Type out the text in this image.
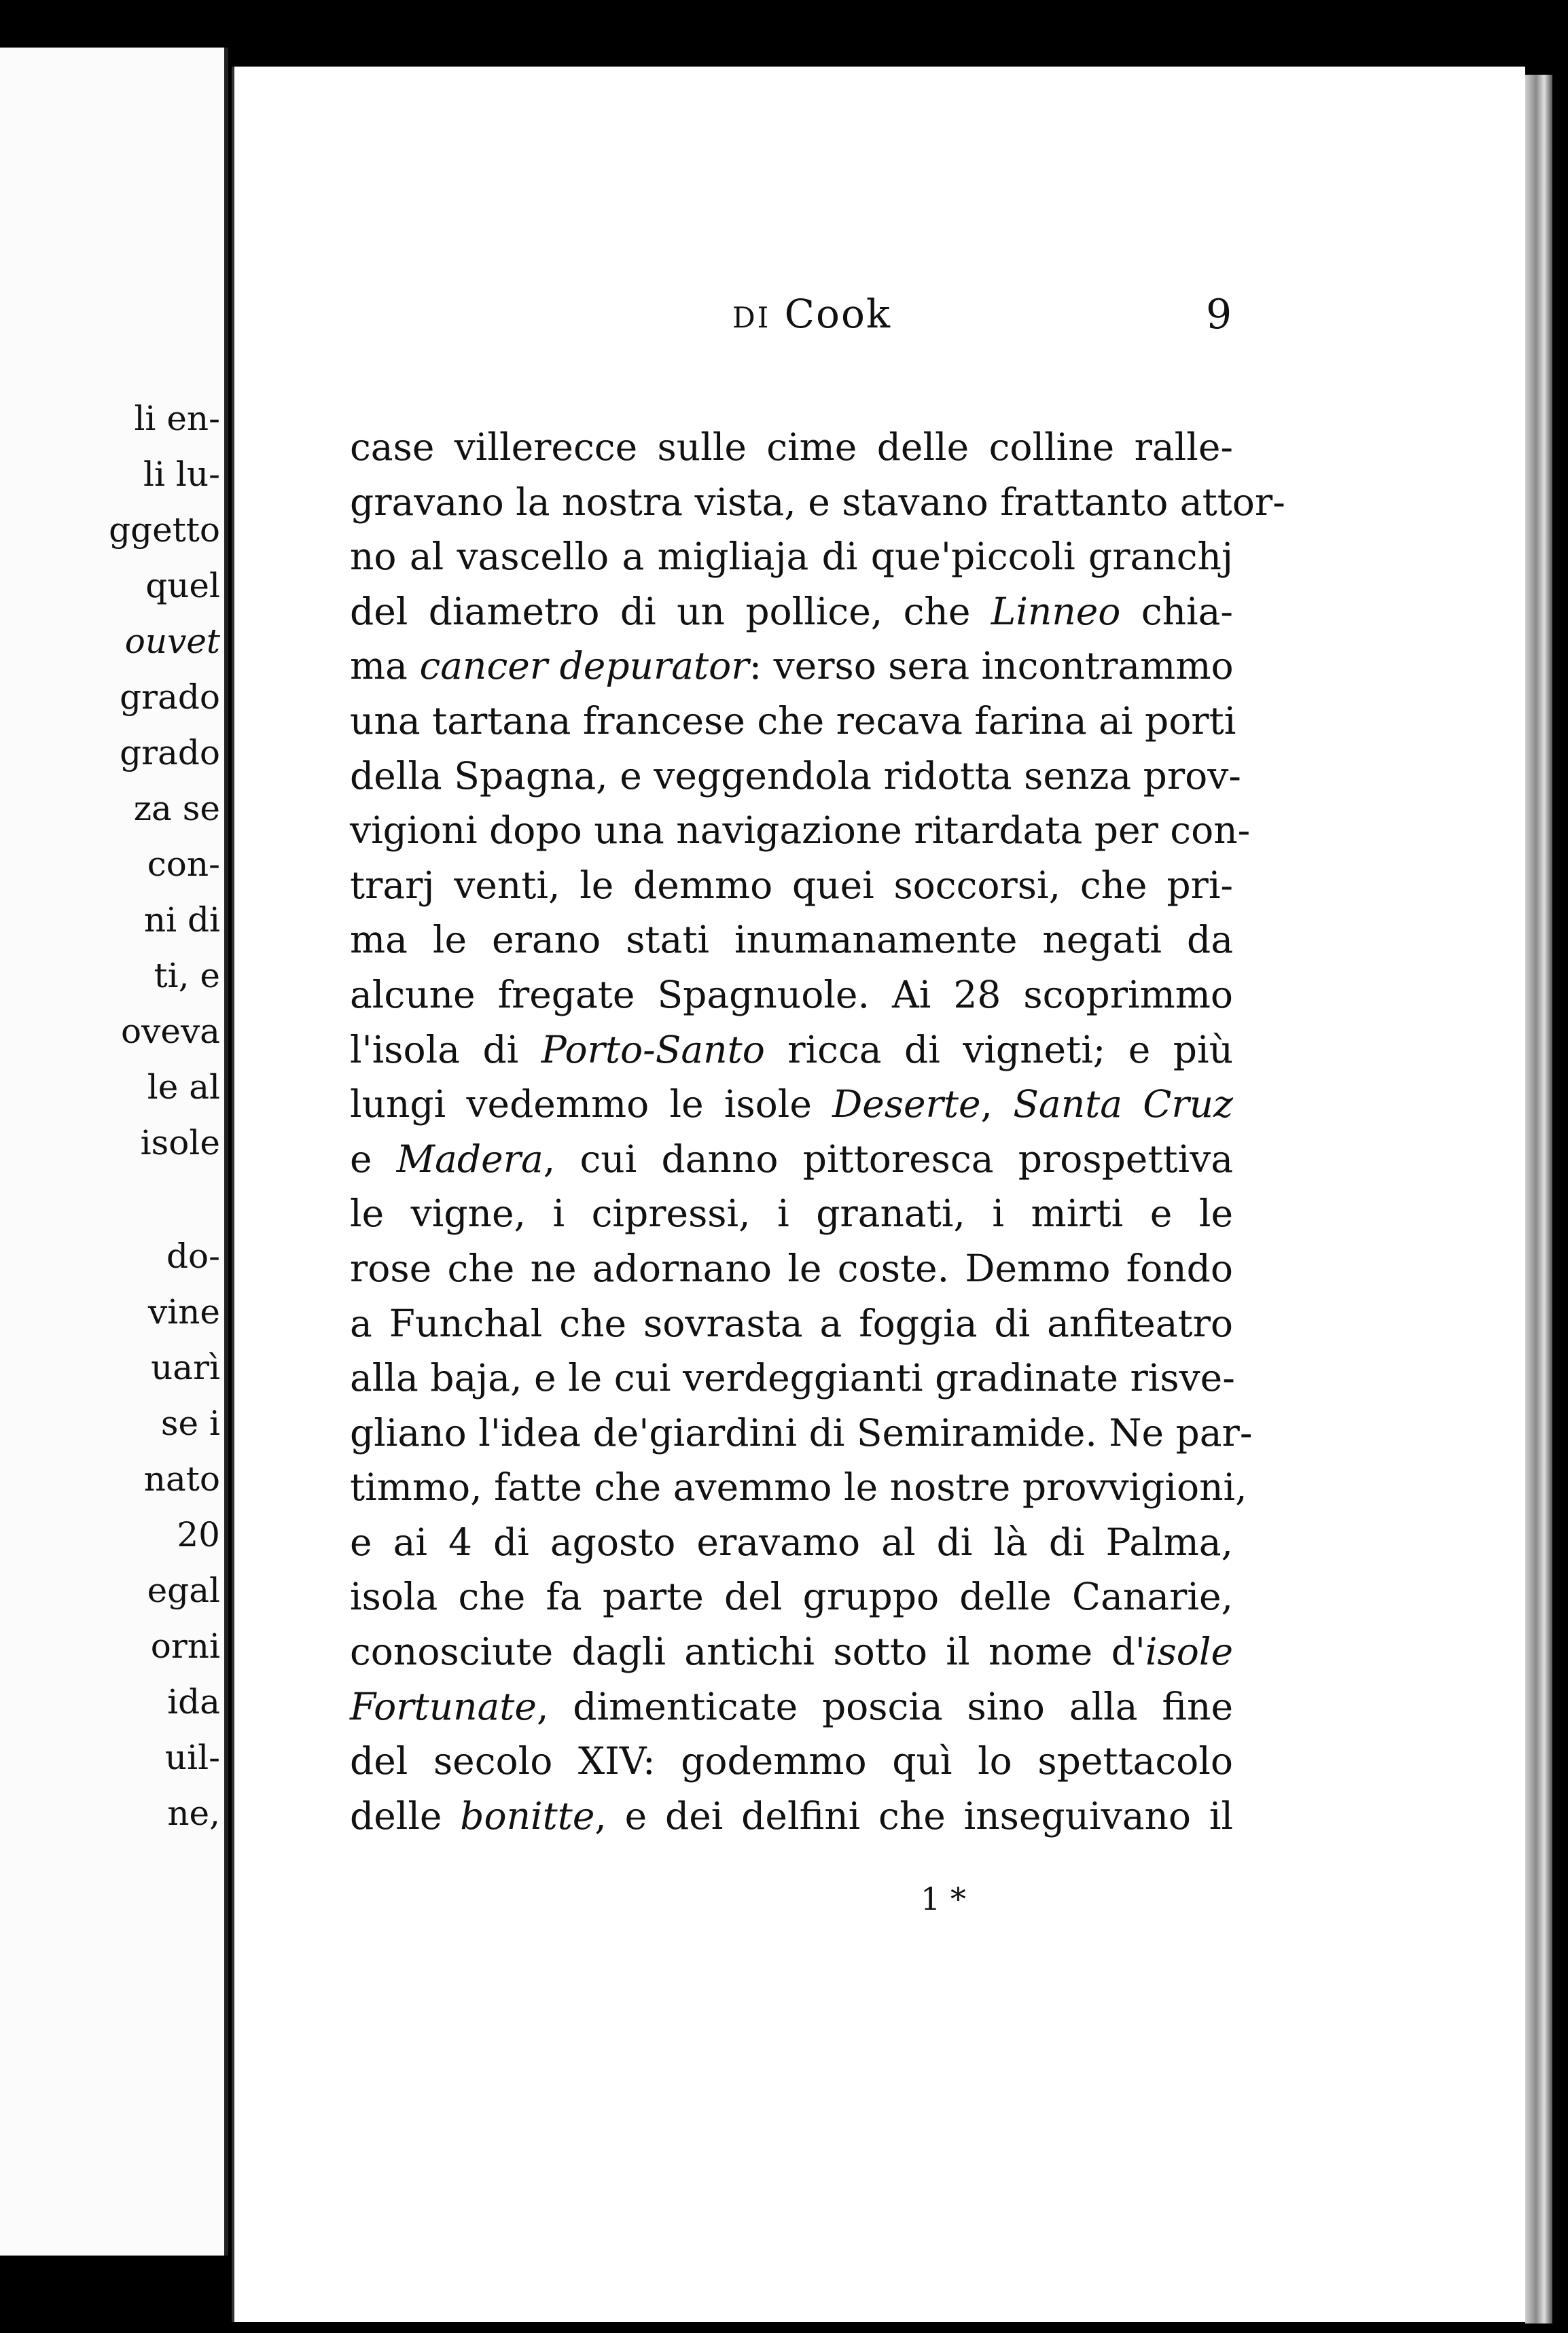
li en-
li lu-
ggetto
quel
ouvet
grado
grado
za se
con-
ni di
ti, e
oveva
le al
isole
do-
vine
uarì
se i
nato
20
egal
orni
ida
uil-
ne,
DI Cook	9
case villerecce sulle cime delle colline ralle-
gravano la nostra vista, e stavano frattanto attor-
no al vascello a migliaja di que'piccoli granchj
del diametro di un pollice, che Linneo chia-
ma cancer depurator: verso sera incontrammo
una tartana francese che recava farina ai porti
della Spagna, e veggendola ridotta senza prov-
vigioni dopo una navigazione ritardata per con-
trarj venti, le demmo quei soccorsi, che pri-
ma le erano stati inumanamente negati da
alcune fregate Spagnuole. Ai 28 scoprimmo
l'isola di Porto-Santo ricca di vigneti; e più
lungi vedemmo le isole Deserte, Santa Cruz
e Madera, cui danno pittoresca prospettiva
le vigne, i cipressi, i granati, i mirti e le
rose che ne adornano le coste. Demmo fondo
a Funchal che sovrasta a foggia di anfiteatro
alla baja, e le cui verdeggianti gradinate risve-
gliano l'idea de'giardini di Semiramide. Ne par-
timmo, fatte che avemmo le nostre provvigioni,
e ai 4 di agosto eravamo al di là di Palma,
isola che fa parte del gruppo delle Canarie,
conosciute dagli antichi sotto il nome d'isole
Fortunate, dimenticate poscia sino alla fine
del secolo XIV: godemmo quì lo spettacolo
delle bonitte, e dei delfini che inseguivano il
1 *
